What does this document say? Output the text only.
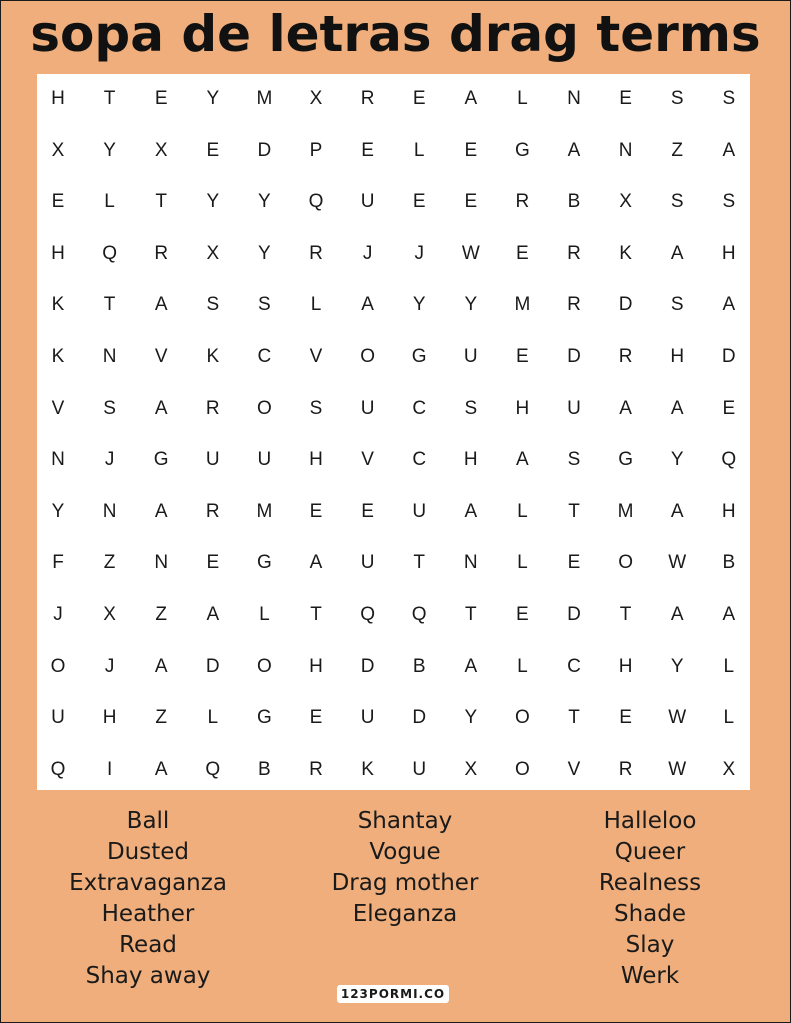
sopa de letras drag terms
H	T	E	Y	M	X	R	E	A	L	N	E	S	S
X	Y	X	E	D	P	E	L	E	G	A	N	Z	A
E	L	T	Y	Y	Q	U	E	E	R	B	X	S	S
H	Q	R	X	Y	R	J	J	W	E	R	K	A	H
K	T	A	S	S	L	A	Y	Y	M	R	D	S	A
K	N	V	K	C	V	O	G	U	E	D	R	H	D
V	S	A	R	O	S	U	C	S	H	U	A	A	E
N	J	G	U	U	H	V	C	H	A	S	G	Y	Q
Y	N	A	R	M	E	E	U	A	L	T	M	A	H
F	Z	N	E	G	A	U	T	N	L	E	O	W	B
J	X	Z	A	L	T	Q	Q	T	E	D	T	A	A
O	J	A	D	O	H	D	B	A	L	C	H	Y	L
U	H	Z	L	G	E	U	D	Y	O	T	E	W	L
Q	I	A	Q	B	R	K	U	X	O	V	R	W	X
Ball
Dusted
Extravaganza
Heather
Read
Shay away
Shantay
Vogue
Drag mother
Eleganza
Halleloo
Queer
Realness
Shade
Slay
Werk
123PORMI.CO
